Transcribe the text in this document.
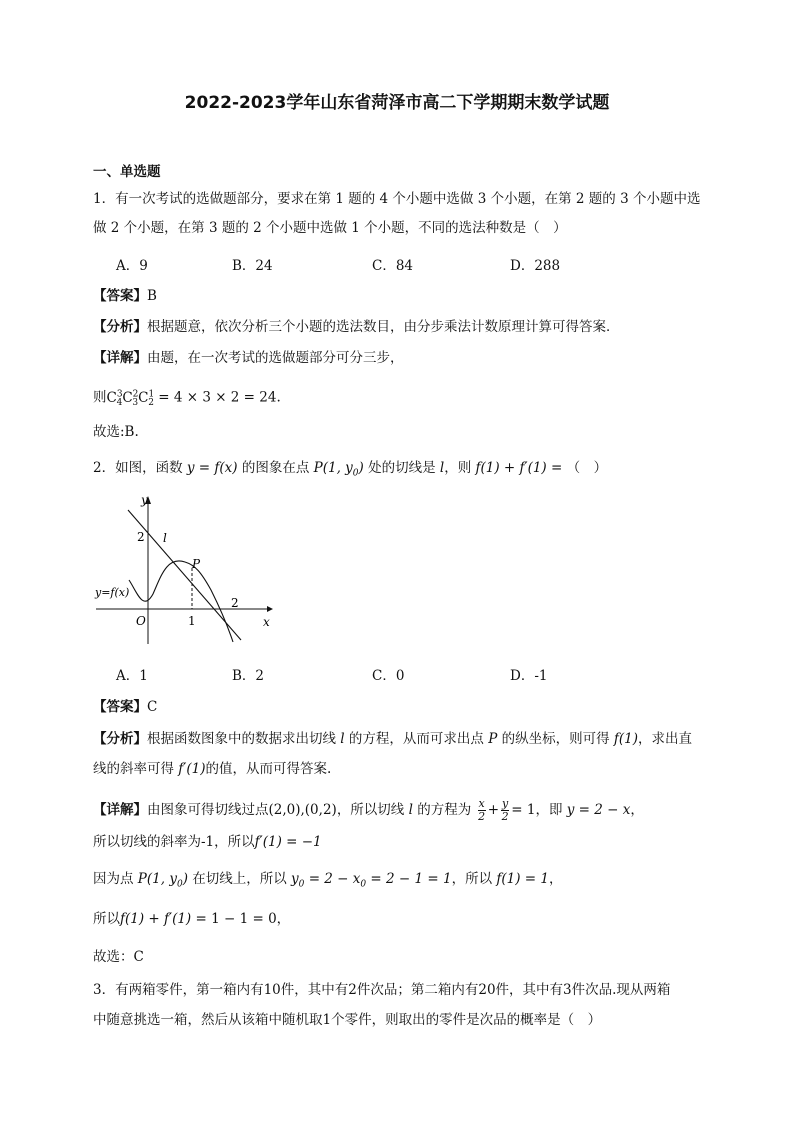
2022-2023学年山东省菏泽市高二下学期期末数学试题
一、单选题
1．有一次考试的选做题部分，要求在第 1 题的 4 个小题中选做 3 个小题，在第 2 题的 3 个小题中选
做 2 个小题，在第 3 题的 2 个小题中选做 1 个小题，不同的选法种数是（　）
A．9	B．24	C．84	D．288
【答案】B
【分析】根据题意，依次分析三个小题的选法数目，由分步乘法计数原理计算可得答案．
【详解】由题，在一次考试的选做题部分可分三步，
则$C^3_4C^2_3C^1_2 = 4 \times 3 \times 2 = 24$.
故选:B.
2．如图，函数 y = f(x) 的图象在点 P(1, $y_0$) 处的切线是 l，则 f(1) + f′(1) = （　）
y
x
2 l
P
y=f(x)
O	1
2
A．1	B．2	C．0	D．-1
【答案】C
【分析】根据函数图象中的数据求出切线 l 的方程，从而可求出点 P 的纵坐标，则可得 f(1)，求出直
线的斜率可得 f′(1)的值，从而可得答案.
【详解】由图象可得切线过点(2,0),(0,2)，所以切线 l 的方程为 $\frac{x}{2} + \frac{y}{2} = 1$，即 y = 2 − x，
所以切线的斜率为-1，所以f′(1) = −1
因为点 P(1, $y_0$) 在切线上，所以 $y_0 = 2 - x_0 = 2 - 1 = 1$，所以 f(1) = 1，
所以f(1) + f′(1) = 1 − 1 = 0，
故选：C
3．有两箱零件，第一箱内有10件，其中有2件次品；第二箱内有20件，其中有3件次品.现从两箱
中随意挑选一箱，然后从该箱中随机取1个零件，则取出的零件是次品的概率是（　）
